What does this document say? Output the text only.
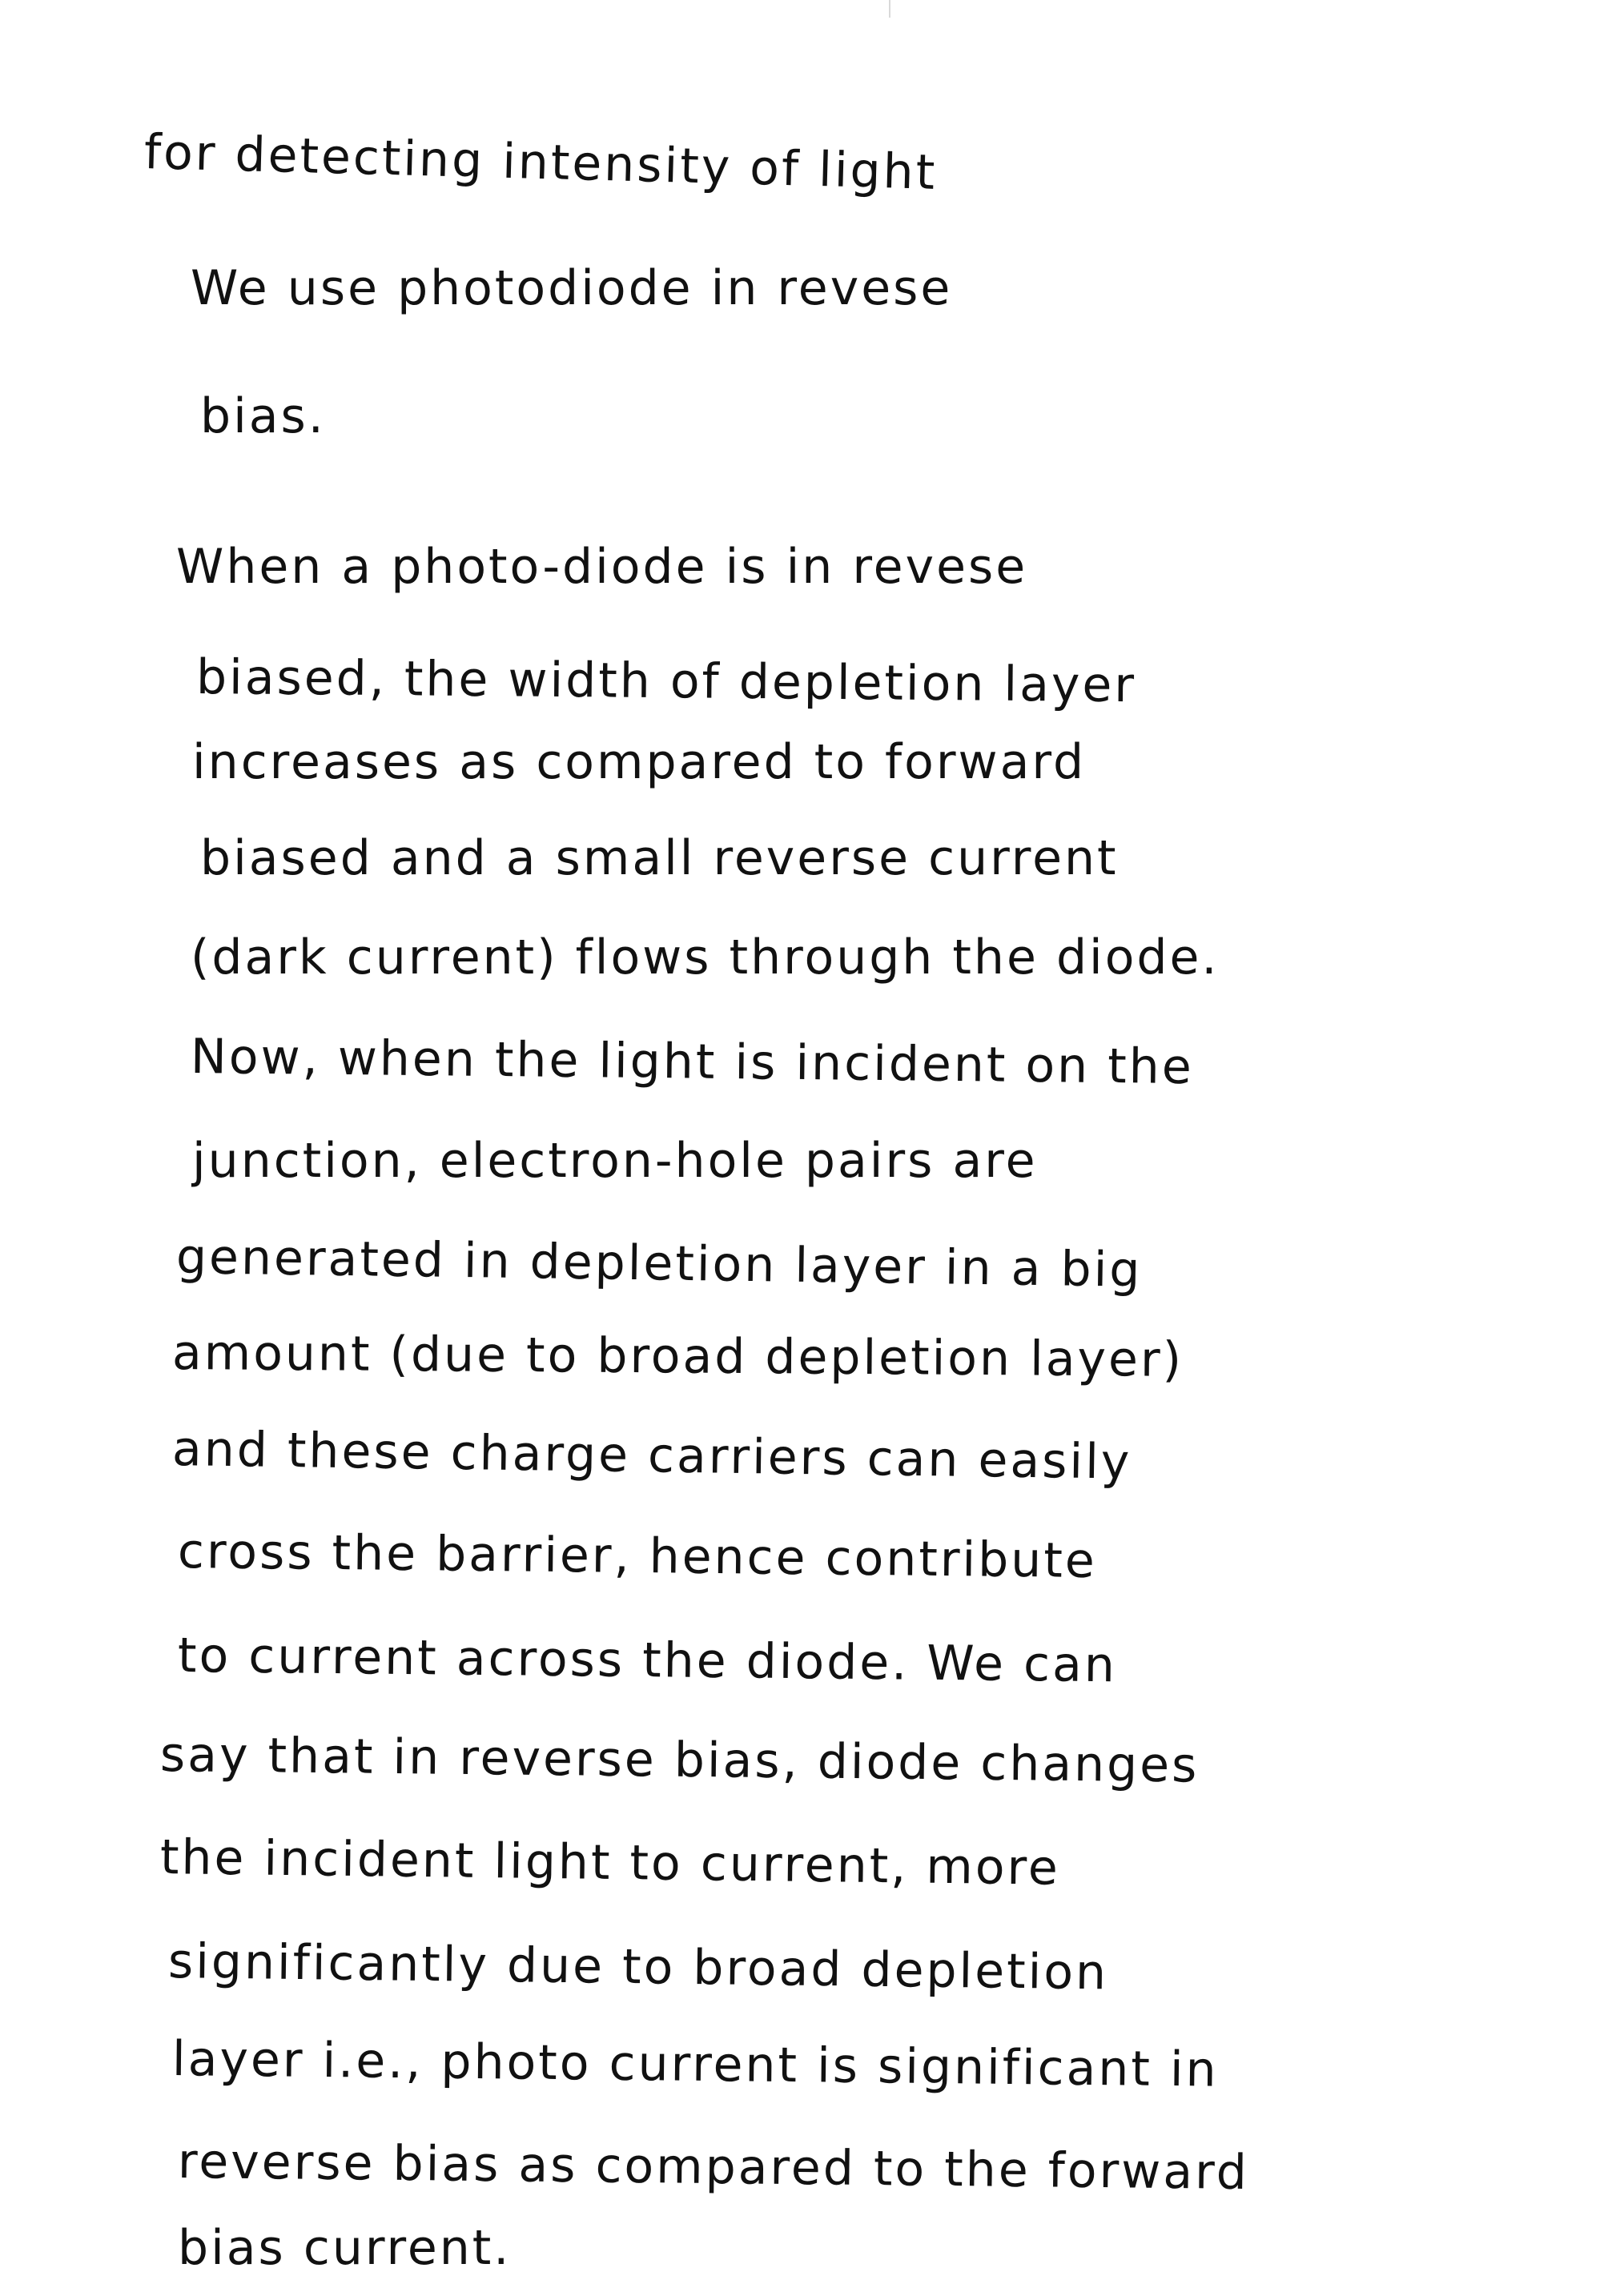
for detecting intensity of light

We use photodiode in revese

bias.

When a photo-diode is in revese

biased, the width of depletion layer

increases as compared to forward

biased and a small reverse current

(dark current) flows through the diode.

Now, when the light is incident on the

junction, electron-hole pairs are

generated in depletion layer in a big

amount (due to broad depletion layer)

and these charge carriers can easily

cross the barrier, hence contribute

to current across the diode. We can

say that in reverse bias, diode changes

the incident light to current, more

significantly due to broad depletion

layer i.e., photo current is significant in

reverse bias as compared to the forward

bias current.
